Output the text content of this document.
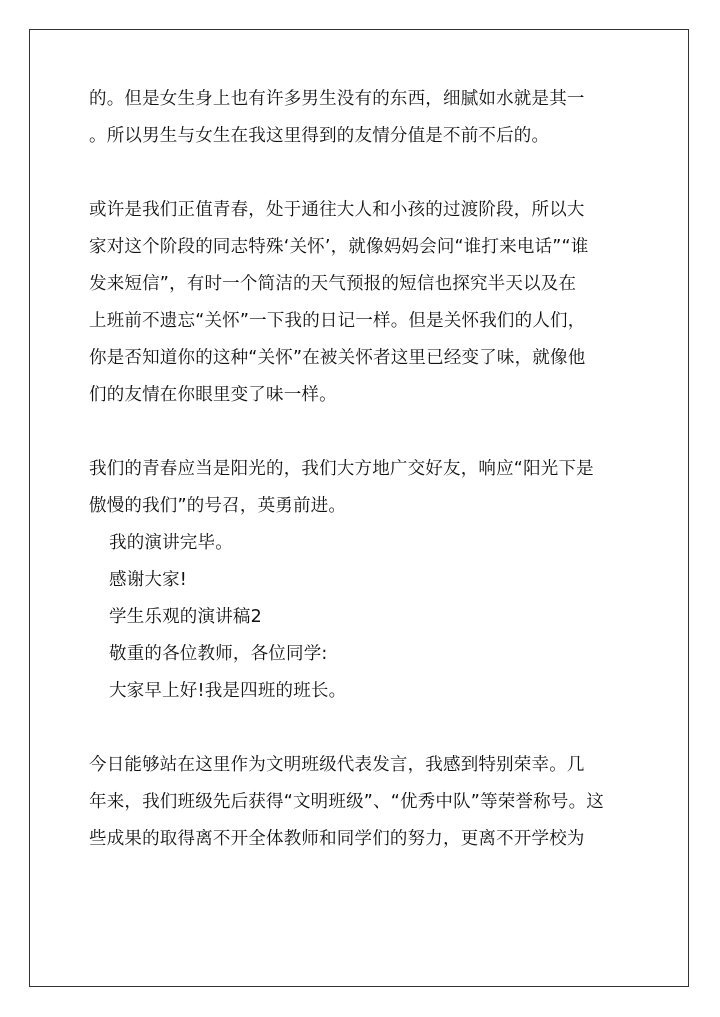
的。但是女生身上也有许多男生没有的东西，细腻如水就是其一
。所以男生与女生在我这里得到的友情分值是不前不后的。
或许是我们正值青春，处于通往大人和小孩的过渡阶段，所以大
家对这个阶段的同志特殊‘关怀’，就像妈妈会问“谁打来电话”“谁
发来短信”，有时一个简洁的天气预报的短信也探究半天以及在
上班前不遗忘“关怀”一下我的日记一样。但是关怀我们的人们，
你是否知道你的这种“关怀”在被关怀者这里已经变了味，就像他
们的友情在你眼里变了味一样。
我们的青春应当是阳光的，我们大方地广交好友，响应“阳光下是
傲慢的我们”的号召，英勇前进。
我的演讲完毕。
感谢大家!
学生乐观的演讲稿2
敬重的各位教师，各位同学:
大家早上好!我是四班的班长。
今日能够站在这里作为文明班级代表发言，我感到特别荣幸。几
年来，我们班级先后获得“文明班级”、“优秀中队”等荣誉称号。这
些成果的取得离不开全体教师和同学们的努力，更离不开学校为
